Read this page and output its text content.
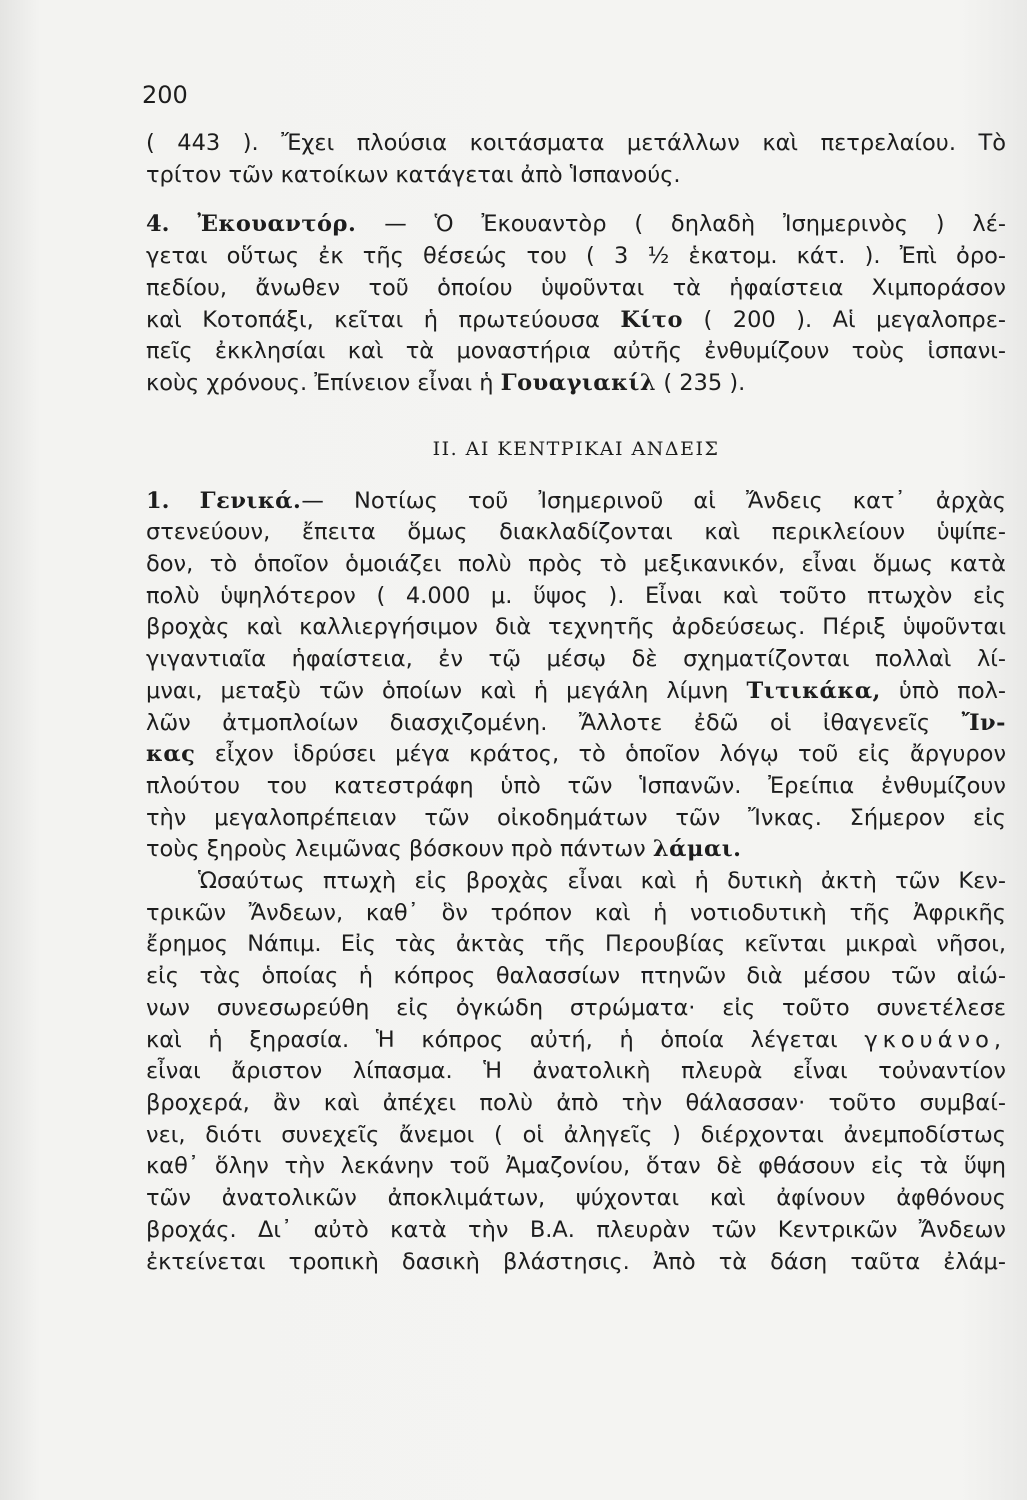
200

( 443 ). Ἔχει πλούσια κοιτάσματα μετάλλων καὶ πετρελαίου. Τὸ
τρίτον τῶν κατοίκων κατάγεται ἀπὸ Ἱσπανούς.

4. Ἐκουαντόρ. — Ὁ Ἐκουαντὸρ ( δηλαδὴ Ἰσημερινὸς ) λέ-
γεται οὕτως ἐκ τῆς θέσεώς του ( 3 ½ ἑκατομ. κάτ. ). Ἐπὶ ὀρο-
πεδίου, ἄνωθεν τοῦ ὁποίου ὑψοῦνται τὰ ἡφαίστεια Χιμποράσον
καὶ Κοτοπάξι, κεῖται ἡ πρωτεύουσα Κίτο ( 200 ). Αἱ μεγαλοπρε-
πεῖς ἐκκλησίαι καὶ τὰ μοναστήρια αὐτῆς ἐνθυμίζουν τοὺς ἱσπανι-
κοὺς χρόνους. Ἐπίνειον εἶναι ἡ Γουαγιακίλ ( 235 ).

ΙΙ. ΑΙ ΚΕΝΤΡΙΚΑΙ ΑΝΔΕΙΣ

1. Γενικά.— Νοτίως τοῦ Ἰσημερινοῦ αἱ Ἄνδεις κατ᾽ ἀρχὰς
στενεύουν, ἔπειτα ὅμως διακλαδίζονται καὶ περικλείουν ὑψίπε-
δον, τὸ ὁποῖον ὁμοιάζει πολὺ πρὸς τὸ μεξικανικόν, εἶναι ὅμως κατὰ
πολὺ ὑψηλότερον ( 4.000 μ. ὕψος ). Εἶναι καὶ τοῦτο πτωχὸν εἰς
βροχὰς καὶ καλλιεργήσιμον διὰ τεχνητῆς ἀρδεύσεως. Πέριξ ὑψοῦνται
γιγαντιαῖα ἡφαίστεια, ἐν τῷ μέσῳ δὲ σχηματίζονται πολλαὶ λί-
μναι, μεταξὺ τῶν ὁποίων καὶ ἡ μεγάλη λίμνη Τιτικάκα, ὑπὸ πολ-
λῶν ἀτμοπλοίων διασχιζομένη. Ἄλλοτε ἐδῶ οἱ ἰθαγενεῖς Ἴν-
κας εἶχον ἱδρύσει μέγα κράτος, τὸ ὁποῖον λόγῳ τοῦ εἰς ἄργυρον
πλούτου του κατεστράφη ὑπὸ τῶν Ἱσπανῶν. Ἐρείπια ἐνθυμίζουν
τὴν μεγαλοπρέπειαν τῶν οἰκοδημάτων τῶν Ἴνκας. Σήμερον εἰς
τοὺς ξηροὺς λειμῶνας βόσκουν πρὸ πάντων λάμαι.

Ὡσαύτως πτωχὴ εἰς βροχὰς εἶναι καὶ ἡ δυτικὴ ἀκτὴ τῶν Κεν-
τρικῶν Ἄνδεων, καθ᾽ ὃν τρόπον καὶ ἡ νοτιοδυτικὴ τῆς Ἀφρικῆς
ἔρημος Νάπιμ. Εἰς τὰς ἀκτὰς τῆς Περουβίας κεῖνται μικραὶ νῆσοι,
εἰς τὰς ὁποίας ἡ κόπρος θαλασσίων πτηνῶν διὰ μέσου τῶν αἰώ-
νων συνεσωρεύθη εἰς ὀγκώδη στρώματα· εἰς τοῦτο συνετέλεσε
καὶ ἡ ξηρασία. Ἡ κόπρος αὐτή, ἡ ὁποία λέγεται γκουάνο,
εἶναι ἄριστον λίπασμα. Ἡ ἀνατολικὴ πλευρὰ εἶναι τοὐναντίον
βροχερά, ἂν καὶ ἀπέχει πολὺ ἀπὸ τὴν θάλασσαν· τοῦτο συμβαί-
νει, διότι συνεχεῖς ἄνεμοι ( οἱ ἀληγεῖς ) διέρχονται ἀνεμποδίστως
καθ᾽ ὅλην τὴν λεκάνην τοῦ Ἀμαζονίου, ὅταν δὲ φθάσουν εἰς τὰ ὕψη
τῶν ἀνατολικῶν ἀποκλιμάτων, ψύχονται καὶ ἀφίνουν ἀφθόνους
βροχάς. Δι᾽ αὐτὸ κατὰ τὴν Β.Α. πλευρὰν τῶν Κεντρικῶν Ἄνδεων
ἐκτείνεται τροπικὴ δασικὴ βλάστησις. Ἀπὸ τὰ δάση ταῦτα ἐλάμ-
